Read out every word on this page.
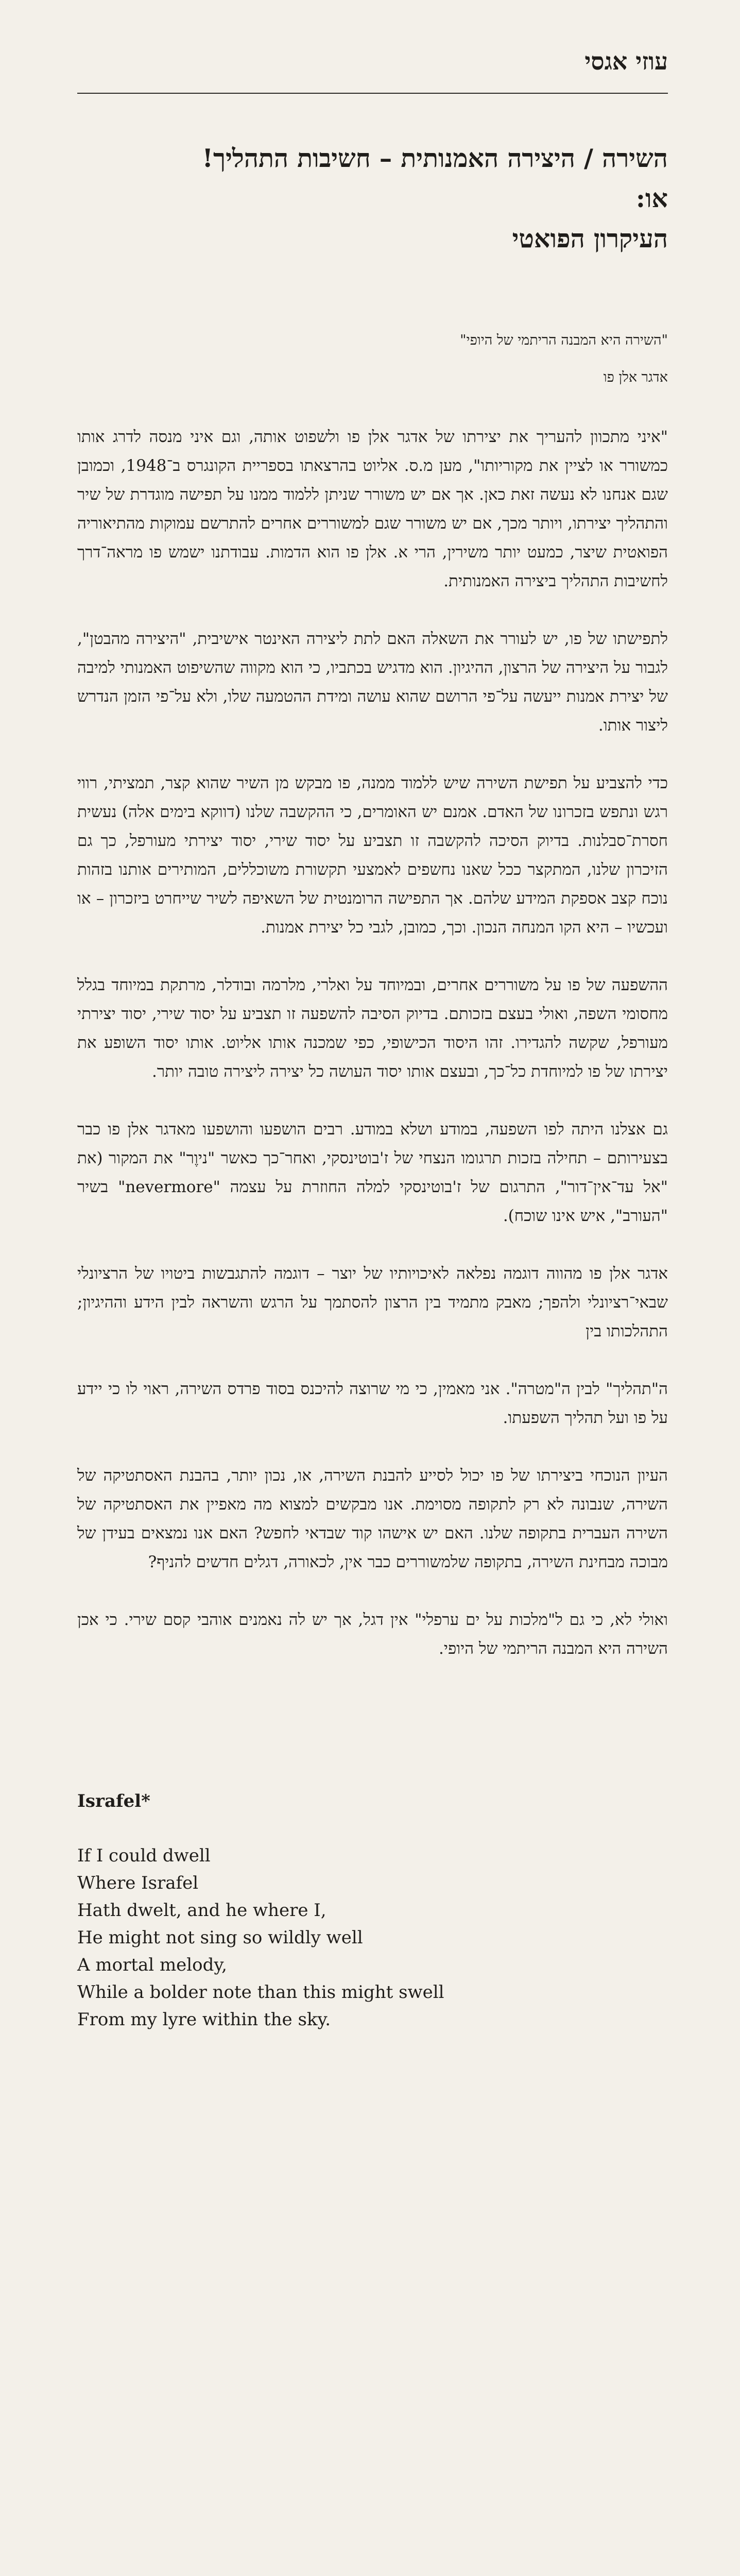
עוזי אגסי
השירה / היצירה האמנותית – חשיבות התהליך!
או:
העיקרון הפואטי
"השירה היא המבנה הריתמי של היופי"
אדגר אלן פו

"איני מתכוון להעריך את יצירתו של אדגר אלן פו ולשפוט אותה, וגם איני מנסה לדרג אותו כמשורר או לציין את מקוריותו", מען מ.ס. אליוט בהרצאתו בספריית הקונגרס ב־1948, וכמובן שגם אנחנו לא נעשה זאת כאן. אך אם יש משורר שניתן ללמוד ממנו על תפישה מוגדרת של שיר והתהליך יצירתו, ויותר מכך, אם יש משורר שגם למשוררים אחרים להתרשם עמוקות מהתיאוריה הפואטית שיצר, כמעט יותר משירין, הרי א. אלן פו הוא הדמות. עבודתנו ישמש פו מראה־דרך לחשיבות התהליך ביצירה האמנותית.

לתפישתו של פו, יש לעורר את השאלה האם לתת ליצירה האינטר אישיבית, "היצירה מהבטן", לגבור על היצירה של הרצון, ההיגיון. הוא מדגיש בכתביו, כי הוא מקווה שהשיפוט האמנותי למיבה של יצירת אמנות ייעשה על־פי הרושם שהוא עושה ומידת ההטמעה שלו, ולא על־פי הזמן הנדרש ליצור אותו.

כדי להצביע על תפישת השירה שיש ללמוד ממנה, פו מבקש מן השיר שהוא קצר, תמציתי, רווי רגש ונתפש בזכרונו של האדם. אמנם יש האומרים, כי ההקשבה שלנו (דווקא בימים אלה) נעשית חסרת־סבלנות. בדיוק הסיכה להקשבה זו תצביע על יסוד שירי, יסוד יצירתי מעורפל, כך גם הזיכרון שלנו, המתקצר ככל שאנו נחשפים לאמצעי תקשורת משוכללים, המותירים אותנו בזהות נוכח קצב אספקת המידע שלהם. אך התפישה הרומנטית של השאיפה לשיר שייחרט ביזכרון – או ועכשיו – היא הקו המנחה הנכון. וכך, כמובן, לגבי כל יצירת אמנות.

ההשפעה של פו על משוררים אחרים, ובמיוחד על ואלרי, מלרמה ובודלר, מרתקת במיוחד בגלל מחסומי השפה, ואולי בעצם בזכותם. בדיוק הסיבה להשפעה זו תצביע על יסוד שירי, יסוד יצירתי מעורפל, שקשה להגדירו. זהו היסוד הכישופי, כפי שמכנה אותו אליוט. אותו יסוד השופע את יצירתו של פו למיוחדת כל־כך, ובעצם אותו יסוד העושה כל יצירה ליצירה טובה יותר.

גם אצלנו היתה לפו השפעה, במודע ושלא במודע. רבים הושפעו והושפעו מאדגר אלן פו כבר בצעירותם – תחילה בזכות תרגומו הנצחי של ז'בוטינסקי, ואחר־כך כאשר "ניוֶר" את המקור (את "אל עד־אין־דור", התרגום של ז'בוטינסקי למלה החוזרת על עצמה "nevermore" בשיר "העורב", איש אינו שוכח).

אדגר אלן פו מהווה דוגמה נפלאה לאיכויותיו של יוצר – דוגמה להתגבשות ביטויו של הרציונלי שבאי־רציונלי ולהפך; מאבק מתמיד בין הרצון להסתמך על הרגש והשראה לבין הידע וההיגיון; התהלכותו בין

ה"תהליך" לבין ה"מטרה". אני מאמין, כי מי שרוצה להיכנס בסוד פרדס השירה, ראוי לו כי יידע על פו ועל תהליך השפעתו.

העיון הנוכחי ביצירתו של פו יכול לסייע להבנת השירה, או, נכון יותר, בהבנת האסתטיקה של השירה, שנבונה לא רק לתקופה מסוימת. אנו מבקשים למצוא מה מאפיין את האסתטיקה של השירה העברית בתקופה שלנו. האם יש אישהו קוד שבדאי לחפש? האם אנו נמצאים בעידן של מבוכה מבחינת השירה, בתקופה שלמשוררים כבר אין, לכאורה, דגלים חדשים להניף?

ואולי לא, כי גם ל"מלכות על ים ערפלי" אין דגל, אך יש לה נאמנים אוהבי קסם שירי. כי אכן השירה היא המבנה הריתמי של היופי.

Israfel*
If I could dwell
Where Israfel
Hath dwelt, and he where I,
He might not sing so wildly well
A mortal melody,
While a bolder note than this might swell
From my lyre within the sky.
